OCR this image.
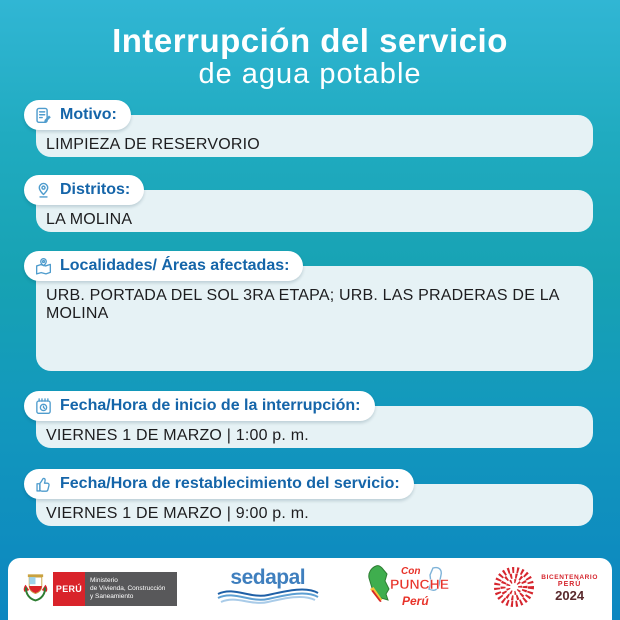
Interrupción del servicio
de agua potable
Motivo:
LIMPIEZA DE RESERVORIO
Distritos:
LA MOLINA
Localidades/ Áreas afectadas:
URB. PORTADA DEL SOL 3RA ETAPA; URB. LAS PRADERAS DE LA MOLINA
Fecha/Hora de inicio de la interrupción:
VIERNES 1 DE MARZO | 1:00 p. m.
Fecha/Hora de restablecimiento del servicio:
VIERNES 1 DE MARZO | 9:00 p. m.
PERÚ
Ministerio
de Vivienda, Construcción
y Saneamiento
sedapal	Con
PUNCHE
Perú
BICENTENARIO
PERÚ
2024
